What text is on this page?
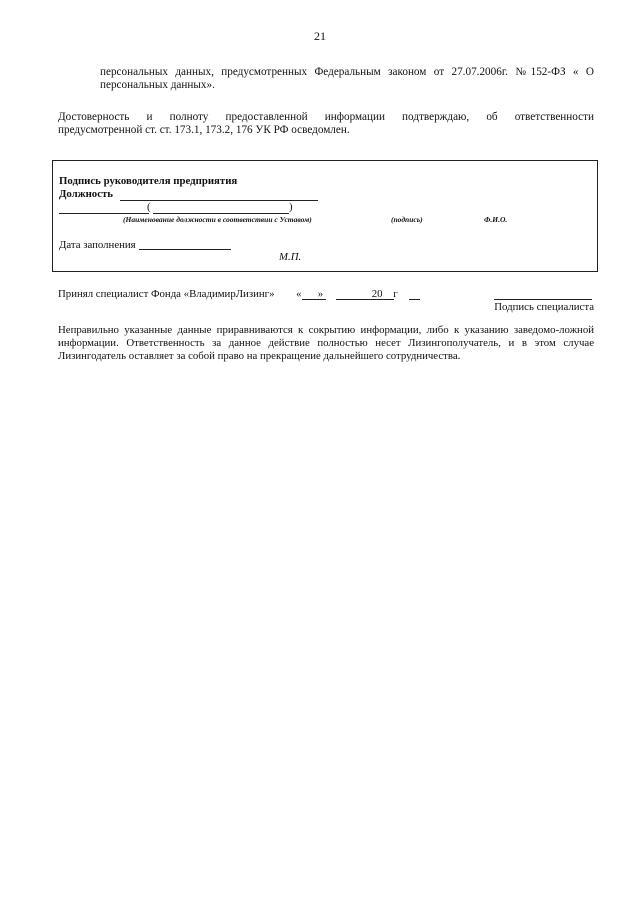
21
персональных данных, предусмотренных Федеральным законом от 27.07.2006г. №152-ФЗ « О
персональных данных».
Достоверность и полноту предоставленной информации подтверждаю, об ответственности
предусмотренной ст. ст. 173.1, 173.2, 176 УК РФ осведомлен.
Подпись руководителя предприятия
Должность
(	)
(Наименование должности в соответствии с Уставом)	(подпись)	Ф.И.О.
Дата заполнения
М.П.
Принял специалист Фонда «ВладимирЛизинг» « »	20 г
Подпись специалиста
Неправильно указанные данные приравниваются к сокрытию информации, либо к указанию заведомо-ложной
информации. Ответственность за данное действие полностью несет Лизингополучатель, и в этом случае
Лизингодатель оставляет за собой право на прекращение дальнейшего сотрудничества.
